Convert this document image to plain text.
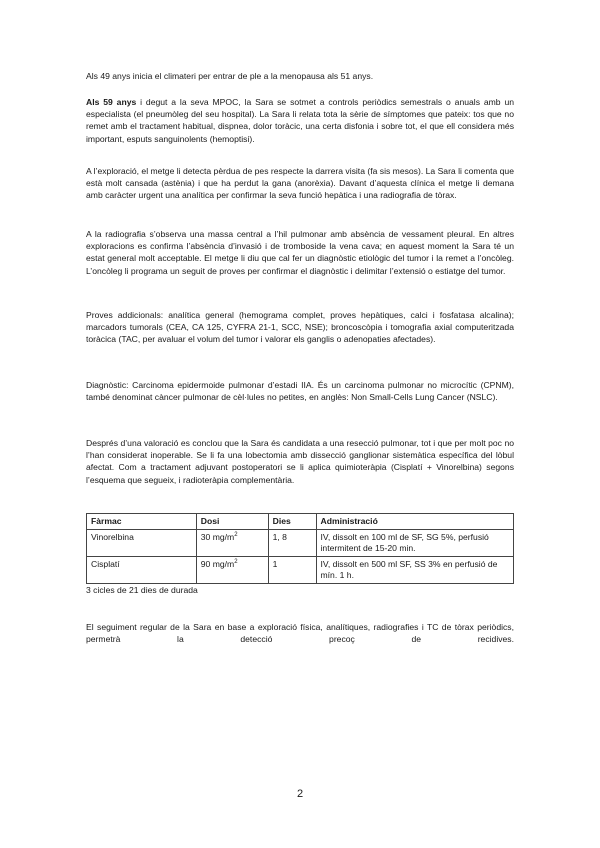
Als 49 anys inicia el climateri per entrar de ple a la menopausa als 51 anys.

Als 59 anys i degut a la seva MPOC, la Sara se sotmet a controls periòdics semestrals o anuals amb un especialista (el pneumòleg del seu hospital). La Sara li relata tota la sèrie de símptomes que pateix: tos que no remet amb el tractament habitual, dispnea, dolor toràcic, una certa disfonia i sobre tot, el que ell considera més important, esputs sanguinolents (hemoptisi).

A l’exploració, el metge li detecta pèrdua de pes respecte la darrera visita (fa sis mesos). La Sara li comenta que està molt cansada (astènia) i que ha perdut la gana (anorèxia). Davant d’aquesta clínica el metge li demana amb caràcter urgent una analítica per confirmar la seva funció hepàtica i una radiografia de tòrax.

A la radiografia s’observa una massa central a l’hil pulmonar amb absència de vessament pleural. En altres exploracions es confirma l’absència d’invasió i de tromboside la vena cava; en aquest moment la Sara té un estat general molt acceptable. El metge li diu que cal fer un diagnòstic etiològic del tumor i la remet a l’oncòleg. L’oncòleg li programa un seguit de proves per confirmar el diagnòstic i delimitar l’extensió o estiatge del tumor.

Proves addicionals: analítica general (hemograma complet, proves hepàtiques, calci i fosfatasa alcalina); marcadors tumorals (CEA, CA 125, CYFRA 21-1, SCC, NSE); broncoscòpia i tomografia axial computeritzada toràcica (TAC, per avaluar el volum del tumor i valorar els ganglis o adenopaties afectades).

Diagnòstic: Carcinoma epidermoide pulmonar d’estadi IIA. És un carcinoma pulmonar no microcític (CPNM), també denominat càncer pulmonar de cèl·lules no petites, en anglès: Non Small-Cells Lung Cancer (NSLC).

Després d’una valoració es conclou que la Sara és candidata a una resecció pulmonar, tot i que per molt poc no l’han considerat inoperable. Se li fa una lobectomia amb dissecció ganglionar sistemàtica específica del lòbul afectat. Com a tractament adjuvant postoperatori se li aplica quimioteràpia (Cisplatí + Vinorelbina) segons l’esquema que segueix, i radioteràpia complementària.

Fàrmac	Dosi	Dies	Administració
Vinorelbina	30 $mg/m^2$	1, 8	IV, dissolt en 100 ml de SF, SG 5%, perfusió intermitent de 15-20 min.
Cisplatí	90 $mg/m^2$	1	IV, dissolt en 500 ml SF, SS 3% en perfusió de mín. 1 h.

3 cicles de 21 dies de durada

El seguiment regular de la Sara en base a exploració física, analítiques, radiografies i TC de tòrax periòdics, permetrà la detecció precoç de recidives.

2
